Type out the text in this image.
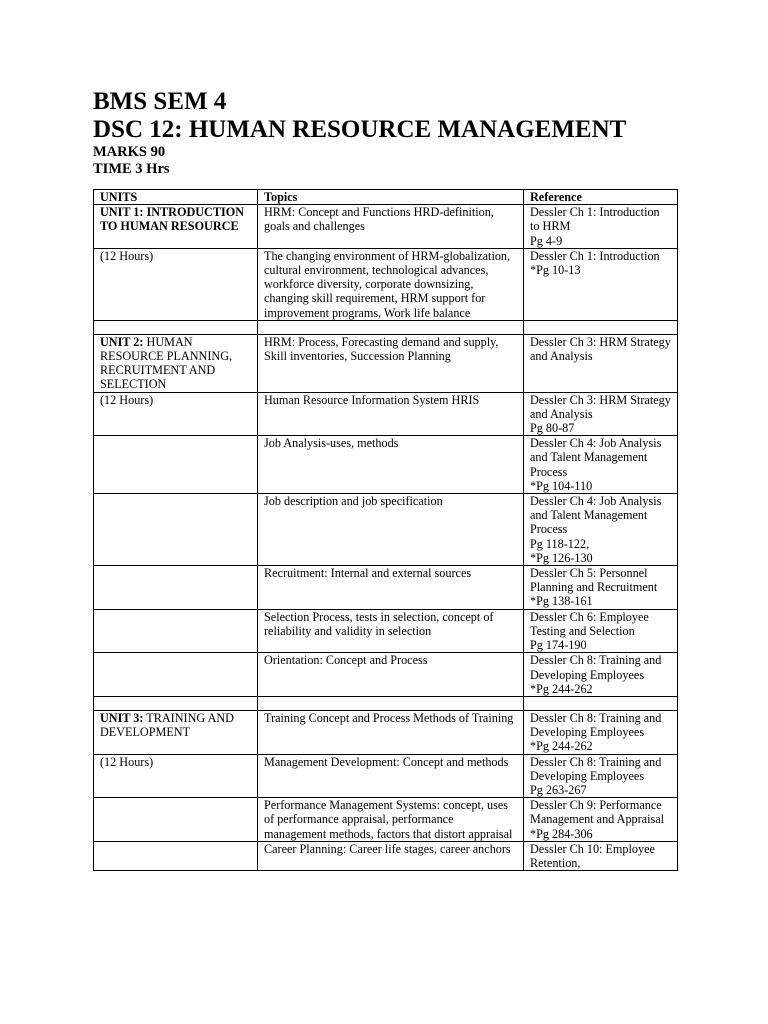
BMS SEM 4
DSC 12: HUMAN RESOURCE MANAGEMENT
MARKS 90
TIME 3 Hrs
UNITS	Topics	Reference
UNIT 1: INTRODUCTION TO HUMAN RESOURCE	HRM: Concept and Functions HRD-definition, goals and challenges	Dessler Ch 1: Introduction to HRM
Pg 4-9

(12 Hours)	The changing environment of HRM-globalization, cultural environment, technological advances, workforce diversity, corporate downsizing, changing skill requirement, HRM support for improvement programs, Work life balance	Dessler Ch 1: Introduction *Pg 10-13

UNIT 2: HUMAN RESOURCE PLANNING, RECRUITMENT AND SELECTION	HRM: Process, Forecasting demand and supply, Skill inventories, Succession Planning	Dessler Ch 3: HRM Strategy and Analysis

(12 Hours)	Human Resource Information System HRIS	Dessler Ch 3: HRM Strategy and Analysis
Pg 80-87

	Job Analysis-uses, methods	Dessler Ch 4: Job Analysis and Talent Management Process
*Pg 104-110

	Job description and job specification	Dessler Ch 4: Job Analysis and Talent Management Process
Pg 118-122,
*Pg 126-130

	Recruitment: Internal and external sources	Dessler Ch 5: Personnel Planning and Recruitment
*Pg 138-161

	Selection Process, tests in selection, concept of reliability and validity in selection	Dessler Ch 6: Employee Testing and Selection
Pg 174-190

	Orientation: Concept and Process	Dessler Ch 8: Training and Developing Employees
*Pg 244-262

UNIT 3: TRAINING AND DEVELOPMENT	Training Concept and Process Methods of Training	Dessler Ch 8: Training and Developing Employees
*Pg 244-262

(12 Hours)	Management Development: Concept and methods	Dessler Ch 8: Training and Developing Employees
Pg 263-267

	Performance Management Systems: concept, uses of performance appraisal, performance management methods, factors that distort appraisal	Dessler Ch 9: Performance Management and Appraisal
*Pg 284-306

	Career Planning: Career life stages, career anchors	Dessler Ch 10: Employee Retention,
